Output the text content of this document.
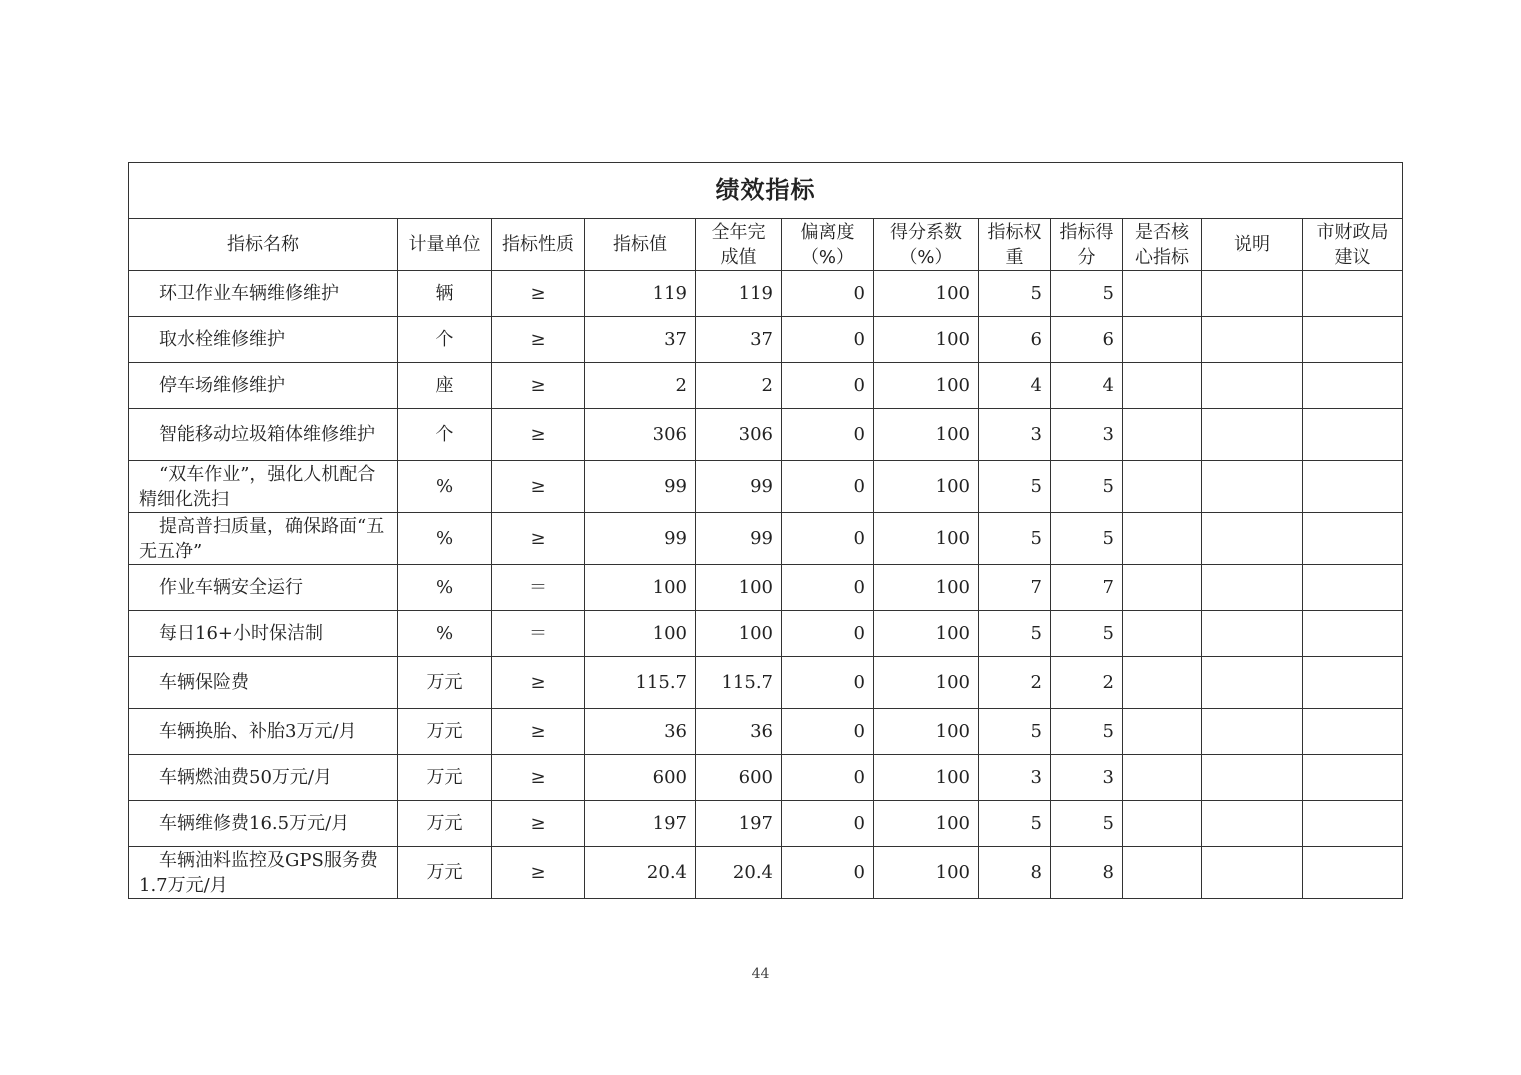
绩效指标											
指标名称	计量单位	指标性质	指标值	全年完成值	偏离度（%）	得分系数（%）	指标权重	指标得分	是否核心指标	说明	市财政局建议
环卫作业车辆维修维护	辆	≥	119	119	0	100	5	5			
取水栓维修维护	个	≥	37	37	0	100	6	6			
停车场维修维护	座	≥	2	2	0	100	4	4			
智能移动垃圾箱体维修维护	个	≥	306	306	0	100	3	3			
“双车作业”，强化人机配合精细化洗扫	%	≥	99	99	0	100	5	5			
提高普扫质量，确保路面“五无五净”	%	≥	99	99	0	100	5	5			
作业车辆安全运行	%	＝	100	100	0	100	7	7			
每日16+小时保洁制	%	＝	100	100	0	100	5	5			
车辆保险费	万元	≥	115.7	115.7	0	100	2	2			
车辆换胎、补胎3万元/月	万元	≥	36	36	0	100	5	5			
车辆燃油费50万元/月	万元	≥	600	600	0	100	3	3			
车辆维修费16.5万元/月	万元	≥	197	197	0	100	5	5			
车辆油料监控及GPS服务费1.7万元/月	万元	≥	20.4	20.4	0	100	8	8			
44
